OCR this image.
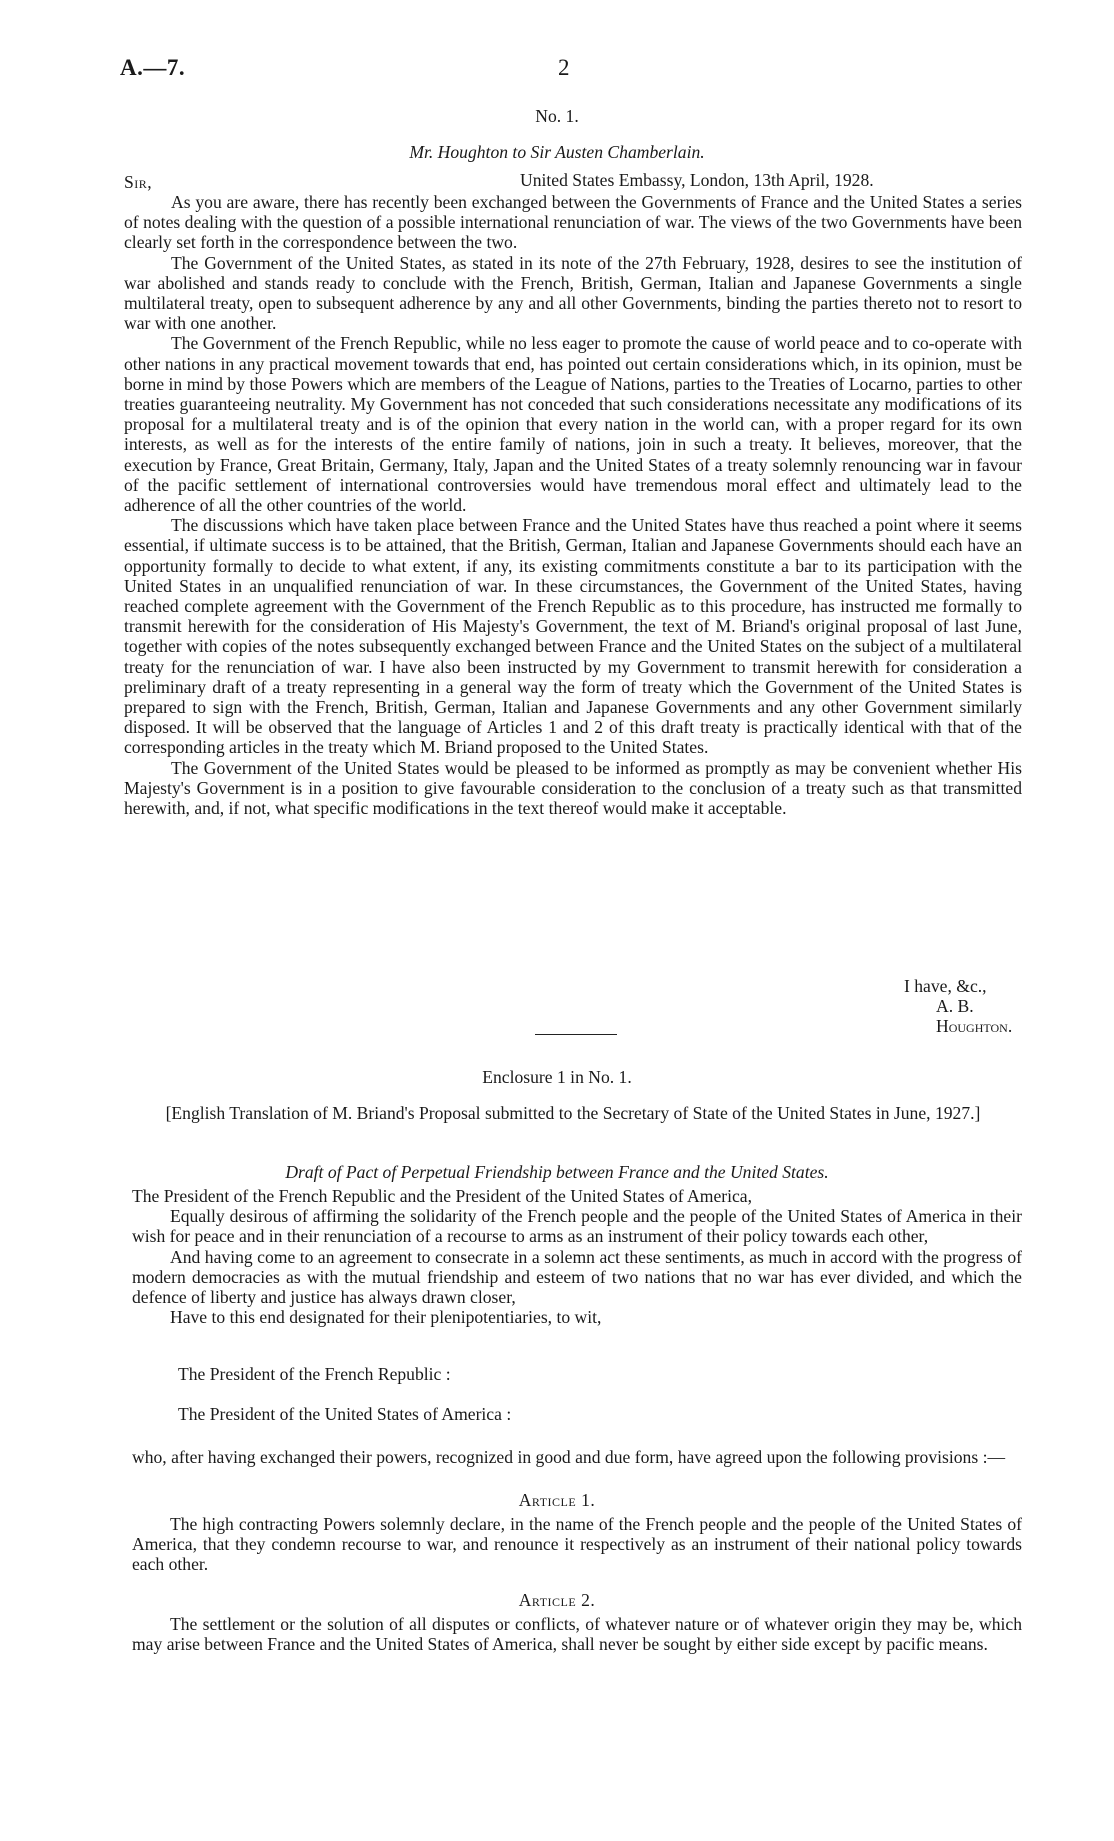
A.—7.	2
No. 1.
Mr. Houghton to Sir Austen Chamberlain.
Sir,	United States Embassy, London, 13th April, 1928.

As you are aware, there has recently been exchanged between the Governments of France and the United States a series of notes dealing with the question of a possible international renunciation of war. The views of the two Governments have been clearly set forth in the correspondence between the two.

The Government of the United States, as stated in its note of the 27th February, 1928, desires to see the institution of war abolished and stands ready to conclude with the French, British, German, Italian and Japanese Governments a single multilateral treaty, open to subsequent adherence by any and all other Governments, binding the parties thereto not to resort to war with one another.

The Government of the French Republic, while no less eager to promote the cause of world peace and to co-operate with other nations in any practical movement towards that end, has pointed out certain considerations which, in its opinion, must be borne in mind by those Powers which are members of the League of Nations, parties to the Treaties of Locarno, parties to other treaties guaranteeing neutrality. My Government has not conceded that such considerations necessitate any modifications of its proposal for a multilateral treaty and is of the opinion that every nation in the world can, with a proper regard for its own interests, as well as for the interests of the entire family of nations, join in such a treaty. It believes, moreover, that the execution by France, Great Britain, Germany, Italy, Japan and the United States of a treaty solemnly renouncing war in favour of the pacific settlement of international controversies would have tremendous moral effect and ultimately lead to the adherence of all the other countries of the world.

The discussions which have taken place between France and the United States have thus reached a point where it seems essential, if ultimate success is to be attained, that the British, German, Italian and Japanese Governments should each have an opportunity formally to decide to what extent, if any, its existing commitments constitute a bar to its participation with the United States in an unqualified renunciation of war. In these circumstances, the Government of the United States, having reached complete agreement with the Government of the French Republic as to this procedure, has instructed me formally to transmit herewith for the consideration of His Majesty's Government, the text of M. Briand's original proposal of last June, together with copies of the notes subsequently exchanged between France and the United States on the subject of a multilateral treaty for the renunciation of war. I have also been instructed by my Government to transmit herewith for consideration a preliminary draft of a treaty representing in a general way the form of treaty which the Government of the United States is prepared to sign with the French, British, German, Italian and Japanese Governments and any other Government similarly disposed. It will be observed that the language of Articles 1 and 2 of this draft treaty is practically identical with that of the corresponding articles in the treaty which M. Briand proposed to the United States.

The Government of the United States would be pleased to be informed as promptly as may be convenient whether His Majesty's Government is in a position to give favourable consideration to the conclusion of a treaty such as that transmitted herewith, and, if not, what specific modifications in the text thereof would make it acceptable.

I have, &c.,
A. B. Houghton.
Enclosure 1 in No. 1.
[English Translation of M. Briand's Proposal submitted to the Secretary of State of the United States in June, 1927.]
Draft of Pact of Perpetual Friendship between France and the United States.

The President of the French Republic and the President of the United States of America,

Equally desirous of affirming the solidarity of the French people and the people of the United States of America in their wish for peace and in their renunciation of a recourse to arms as an instrument of their policy towards each other,

And having come to an agreement to consecrate in a solemn act these sentiments, as much in accord with the progress of modern democracies as with the mutual friendship and esteem of two nations that no war has ever divided, and which the defence of liberty and justice has always drawn closer,

Have to this end designated for their plenipotentiaries, to wit,

The President of the French Republic :
The President of the United States of America :
who, after having exchanged their powers, recognized in good and due form, have agreed upon the following provisions :—
Article 1.

The high contracting Powers solemnly declare, in the name of the French people and the people of the United States of America, that they condemn recourse to war, and renounce it respectively as an instrument of their national policy towards each other.

Article 2.

The settlement or the solution of all disputes or conflicts, of whatever nature or of whatever origin they may be, which may arise between France and the United States of America, shall never be sought by either side except by pacific means.
